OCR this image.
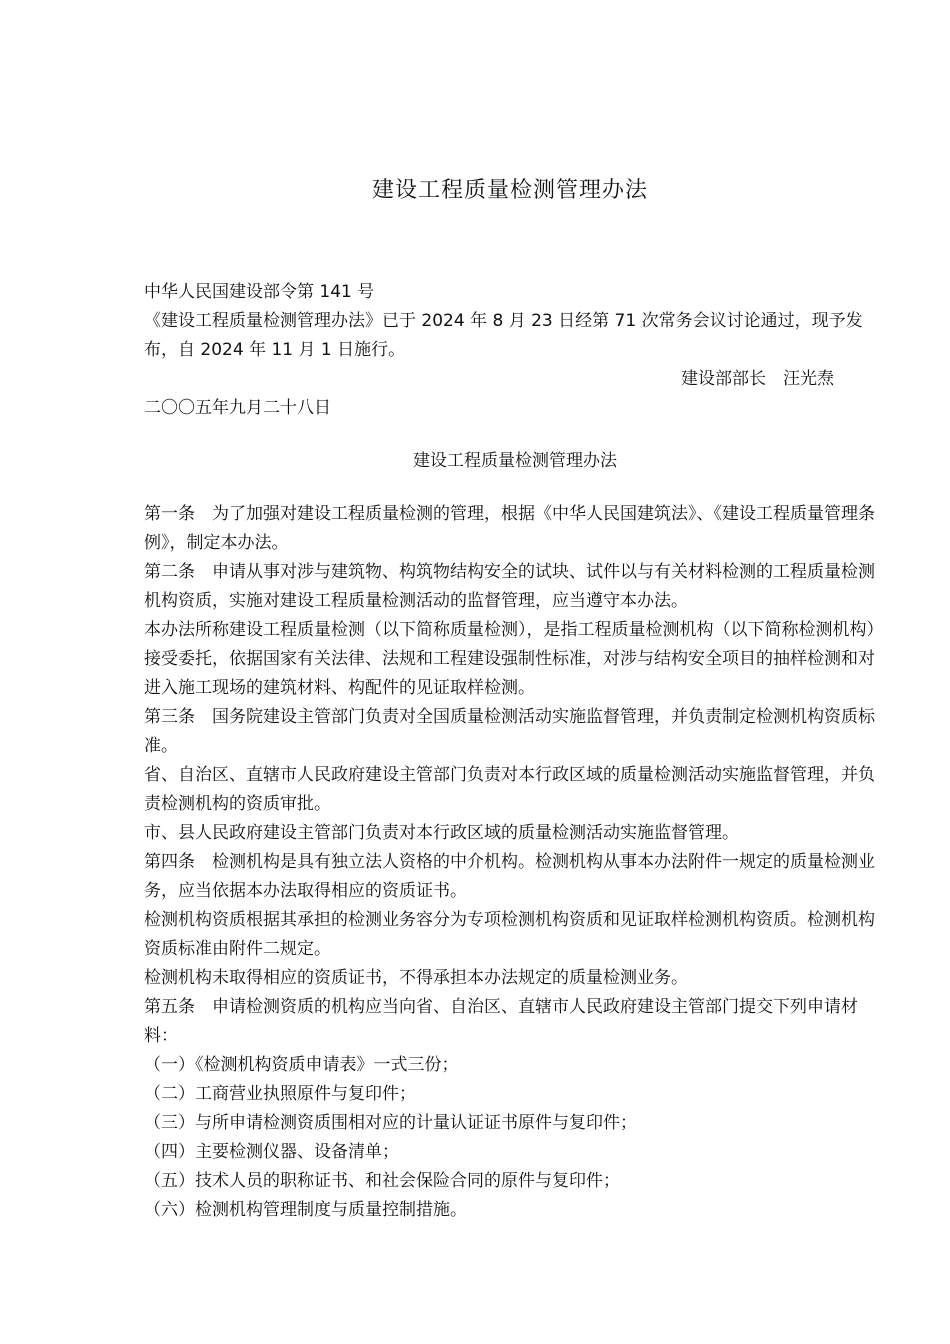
建设工程质量检测管理办法

中华人民国建设部令第 141 号

《建设工程质量检测管理办法》已于 2024 年 8 月 23 日经第 71 次常务会议讨论通过，现予发布，自 2024 年 11 月 1 日施行。

建设部部长　汪光焘

二〇〇五年九月二十八日

建设工程质量检测管理办法

第一条　为了加强对建设工程质量检测的管理，根据《中华人民国建筑法》、《建设工程质量管理条例》，制定本办法。

第二条　申请从事对涉与建筑物、构筑物结构安全的试块、试件以与有关材料检测的工程质量检测机构资质，实施对建设工程质量检测活动的监督管理，应当遵守本办法。

本办法所称建设工程质量检测（以下简称质量检测），是指工程质量检测机构（以下简称检测机构）接受委托，依据国家有关法律、法规和工程建设强制性标准，对涉与结构安全项目的抽样检测和对进入施工现场的建筑材料、构配件的见证取样检测。

第三条　国务院建设主管部门负责对全国质量检测活动实施监督管理，并负责制定检测机构资质标准。

省、自治区、直辖市人民政府建设主管部门负责对本行政区域的质量检测活动实施监督管理，并负责检测机构的资质审批。

市、县人民政府建设主管部门负责对本行政区域的质量检测活动实施监督管理。

第四条　检测机构是具有独立法人资格的中介机构。检测机构从事本办法附件一规定的质量检测业务，应当依据本办法取得相应的资质证书。

检测机构资质根据其承担的检测业务容分为专项检测机构资质和见证取样检测机构资质。检测机构资质标准由附件二规定。

检测机构未取得相应的资质证书，不得承担本办法规定的质量检测业务。

第五条　申请检测资质的机构应当向省、自治区、直辖市人民政府建设主管部门提交下列申请材料：

（一）《检测机构资质申请表》一式三份；

（二）工商营业执照原件与复印件；

（三）与所申请检测资质围相对应的计量认证证书原件与复印件；

（四）主要检测仪器、设备清单；

（五）技术人员的职称证书、和社会保险合同的原件与复印件；

（六）检测机构管理制度与质量控制措施。
